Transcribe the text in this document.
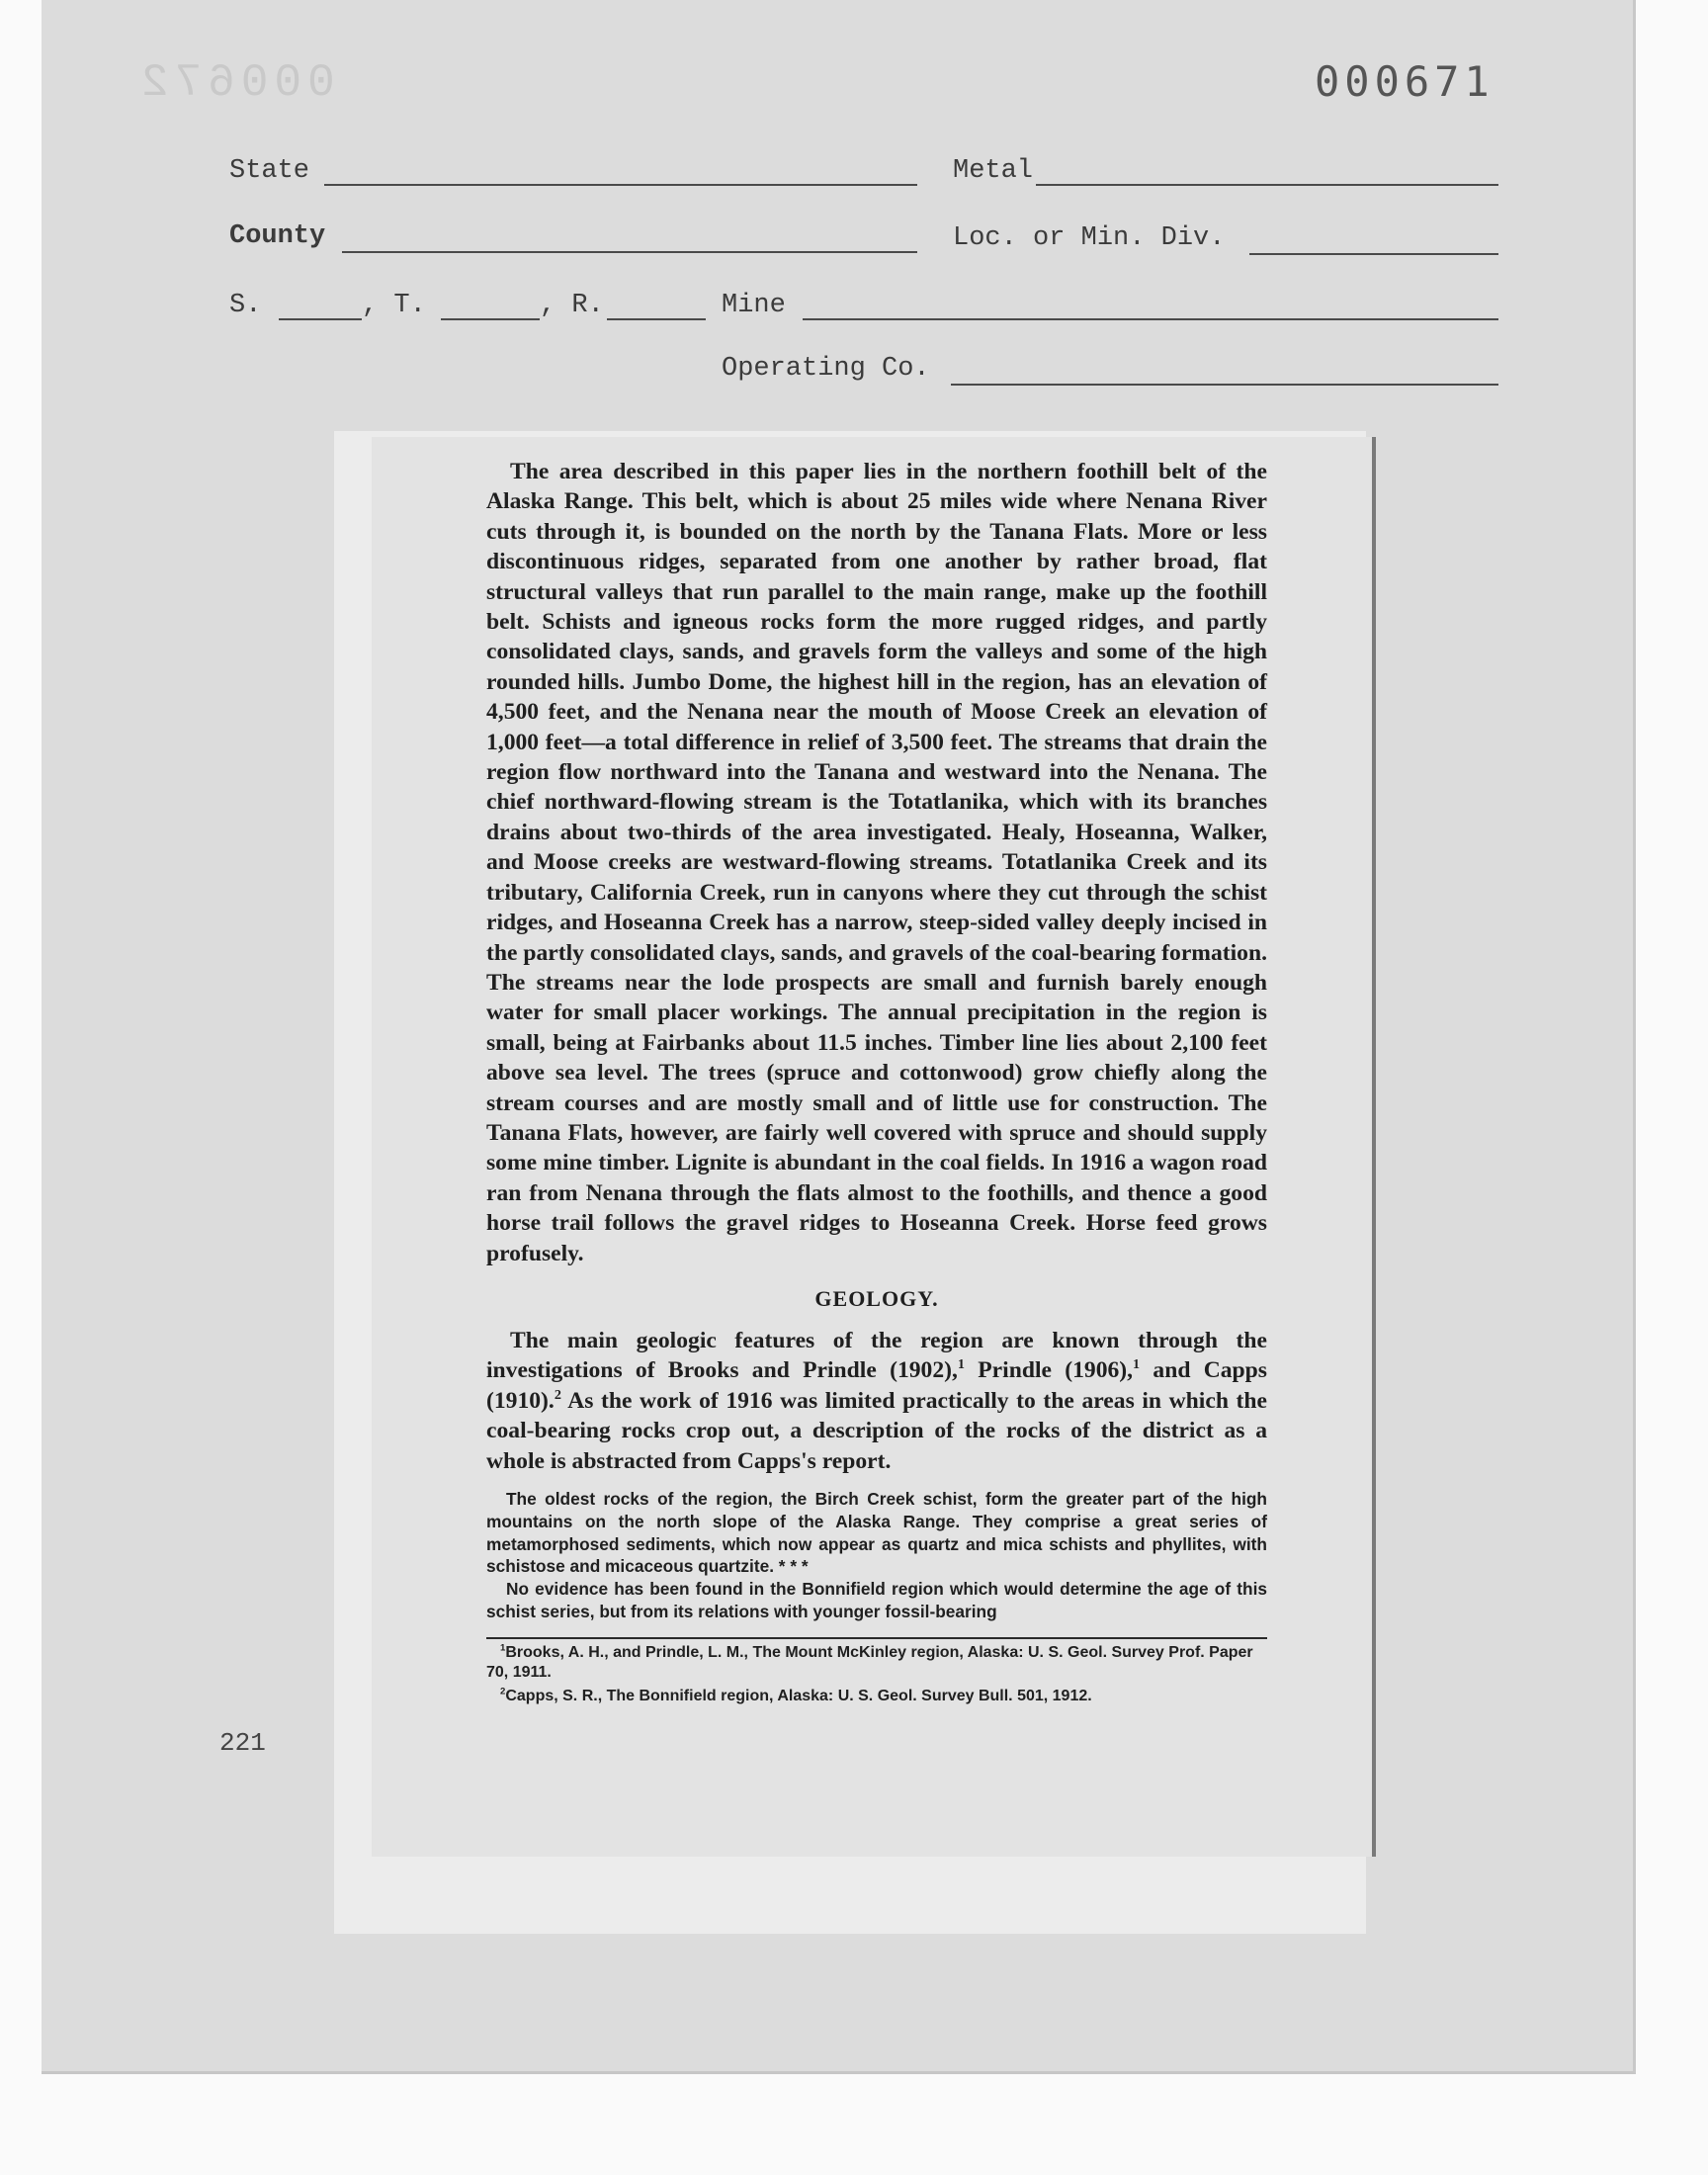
000672	000671
State	Metal
County	Loc. or Min. Div.
S.	, T.	, R.	Mine
Operating Co.
221

The area described in this paper lies in the northern foothill belt of the Alaska Range. This belt, which is about 25 miles wide where Nenana River cuts through it, is bounded on the north by the Tanana Flats. More or less discontinuous ridges, separated from one another by rather broad, flat structural valleys that run parallel to the main range, make up the foothill belt. Schists and igneous rocks form the more rugged ridges, and partly consolidated clays, sands, and gravels form the valleys and some of the high rounded hills. Jumbo Dome, the highest hill in the region, has an elevation of 4,500 feet, and the Nenana near the mouth of Moose Creek an elevation of 1,000 feet—a total difference in relief of 3,500 feet. The streams that drain the region flow northward into the Tanana and westward into the Nenana. The chief northward-flowing stream is the Totatlanika, which with its branches drains about two-thirds of the area investigated. Healy, Hoseanna, Walker, and Moose creeks are westward-flowing streams. Totatlanika Creek and its tributary, California Creek, run in canyons where they cut through the schist ridges, and Hoseanna Creek has a narrow, steep-sided valley deeply incised in the partly consolidated clays, sands, and gravels of the coal-bearing formation. The streams near the lode prospects are small and furnish barely enough water for small placer workings. The annual precipitation in the region is small, being at Fairbanks about 11.5 inches. Timber line lies about 2,100 feet above sea level. The trees (spruce and cottonwood) grow chiefly along the stream courses and are mostly small and of little use for construction. The Tanana Flats, however, are fairly well covered with spruce and should supply some mine timber. Lignite is abundant in the coal fields. In 1916 a wagon road ran from Nenana through the flats almost to the foothills, and thence a good horse trail follows the gravel ridges to Hoseanna Creek. Horse feed grows profusely.

GEOLOGY.

The main geologic features of the region are known through the investigations of Brooks and Prindle (1902),$^1$ Prindle (1906),$^1$ and Capps (1910).$^2$ As the work of 1916 was limited practically to the areas in which the coal-bearing rocks crop out, a description of the rocks of the district as a whole is abstracted from Capps's report.

The oldest rocks of the region, the Birch Creek schist, form the greater part of the high mountains on the north slope of the Alaska Range. They comprise a great series of metamorphosed sediments, which now appear as quartz and mica schists and phyllites, with schistose and micaceous quartzite. * * *

No evidence has been found in the Bonnifield region which would determine the age of this schist series, but from its relations with younger fossil-bearing

$^1$Brooks, A. H., and Prindle, L. M., The Mount McKinley region, Alaska: U. S. Geol. Survey Prof. Paper 70, 1911.

$^2$Capps, S. R., The Bonnifield region, Alaska: U. S. Geol. Survey Bull. 501, 1912.
